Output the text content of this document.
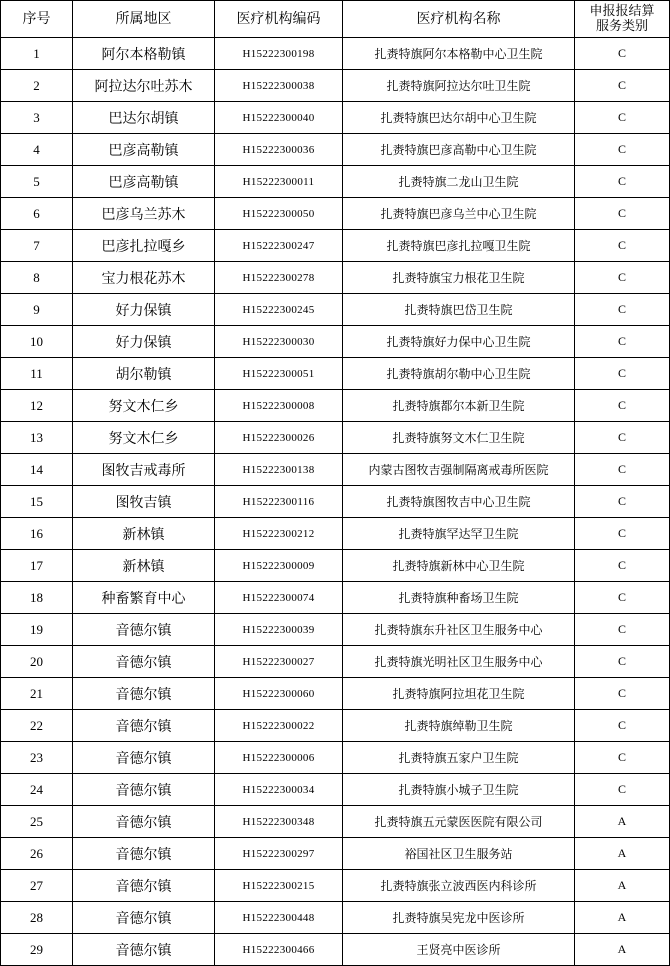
序号	所属地区	医疗机构编码	医疗机构名称	申报报结算
服务类别
1	阿尔本格勒镇	H15222300198	扎赉特旗阿尔本格勒中心卫生院	C
2	阿拉达尔吐苏木	H15222300038	扎赉特旗阿拉达尔吐卫生院	C
3	巴达尔胡镇	H15222300040	扎赉特旗巴达尔胡中心卫生院	C
4	巴彦高勒镇	H15222300036	扎赉特旗巴彦高勒中心卫生院	C
5	巴彦高勒镇	H15222300011	扎赉特旗二龙山卫生院	C
6	巴彦乌兰苏木	H15222300050	扎赉特旗巴彦乌兰中心卫生院	C
7	巴彦扎拉嘎乡	H15222300247	扎赉特旗巴彦扎拉嘎卫生院	C
8	宝力根花苏木	H15222300278	扎赉特旗宝力根花卫生院	C
9	好力保镇	H15222300245	扎赉特旗巴岱卫生院	C
10	好力保镇	H15222300030	扎赉特旗好力保中心卫生院	C
11	胡尔勒镇	H15222300051	扎赉特旗胡尔勒中心卫生院	C
12	努文木仁乡	H15222300008	扎赉特旗都尔本新卫生院	C
13	努文木仁乡	H15222300026	扎赉特旗努文木仁卫生院	C
14	图牧吉戒毒所	H15222300138	内蒙古图牧吉强制隔离戒毒所医院	C
15	图牧吉镇	H15222300116	扎赉特旗图牧吉中心卫生院	C
16	新林镇	H15222300212	扎赉特旗罕达罕卫生院	C
17	新林镇	H15222300009	扎赉特旗新林中心卫生院	C
18	种畜繁育中心	H15222300074	扎赉特旗种畜场卫生院	C
19	音德尔镇	H15222300039	扎赉特旗东升社区卫生服务中心	C
20	音德尔镇	H15222300027	扎赉特旗光明社区卫生服务中心	C
21	音德尔镇	H15222300060	扎赉特旗阿拉坦花卫生院	C
22	音德尔镇	H15222300022	扎赉特旗绰勒卫生院	C
23	音德尔镇	H15222300006	扎赉特旗五家户卫生院	C
24	音德尔镇	H15222300034	扎赉特旗小城子卫生院	C
25	音德尔镇	H15222300348	扎赉特旗五元蒙医医院有限公司	A
26	音德尔镇	H15222300297	裕国社区卫生服务站	A
27	音德尔镇	H15222300215	扎赉特旗张立波西医内科诊所	A
28	音德尔镇	H15222300448	扎赉特旗吴宪龙中医诊所	A
29	音德尔镇	H15222300466	王贤亮中医诊所	A
